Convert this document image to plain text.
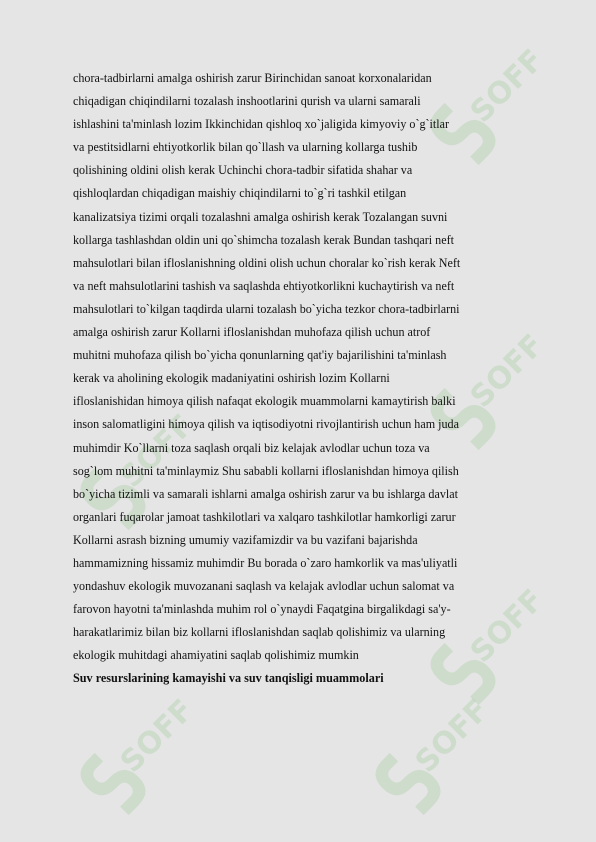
SOFF
SOFF
SOFF
SOFF
SOFF	SOFF
chora-tadbirlarni amalga oshirish zarur Birinchidan sanoat korxonalaridan
chiqadigan chiqindilarni tozalash inshootlarini qurish va ularni samarali
ishlashini ta'minlash lozim Ikkinchidan qishloq xo`jaligida kimyoviy o`g`itlar
va pestitsidlarni ehtiyotkorlik bilan qo`llash va ularning kollarga tushib
qolishining oldini olish kerak Uchinchi chora-tadbir sifatida shahar va
qishloqlardan chiqadigan maishiy chiqindilarni to`g`ri tashkil etilgan
kanalizatsiya tizimi orqali tozalashni amalga oshirish kerak Tozalangan suvni
kollarga tashlashdan oldin uni qo`shimcha tozalash kerak Bundan tashqari neft
mahsulotlari bilan ifloslanishning oldini olish uchun choralar ko`rish kerak Neft
va neft mahsulotlarini tashish va saqlashda ehtiyotkorlikni kuchaytirish va neft
mahsulotlari to`kilgan taqdirda ularni tozalash bo`yicha tezkor chora-tadbirlarni
amalga oshirish zarur Kollarni ifloslanishdan muhofaza qilish uchun atrof
muhitni muhofaza qilish bo`yicha qonunlarning qat'iy bajarilishini ta'minlash
kerak va aholining ekologik madaniyatini oshirish lozim Kollarni
ifloslanishidan himoya qilish nafaqat ekologik muammolarni kamaytirish balki
inson salomatligini himoya qilish va iqtisodiyotni rivojlantirish uchun ham juda
muhimdir Ko`llarni toza saqlash orqali biz kelajak avlodlar uchun toza va
sog`lom muhitni ta'minlaymiz Shu sababli kollarni ifloslanishdan himoya qilish
bo`yicha tizimli va samarali ishlarni amalga oshirish zarur va bu ishlarga davlat
organlari fuqarolar jamoat tashkilotlari va xalqaro tashkilotlar hamkorligi zarur
Kollarni asrash bizning umumiy vazifamizdir va bu vazifani bajarishda
hammamizning hissamiz muhimdir Bu borada o`zaro hamkorlik va mas'uliyatli
yondashuv ekologik muvozanani saqlash va kelajak avlodlar uchun salomat va
farovon hayotni ta'minlashda muhim rol o`ynaydi Faqatgina birgalikdagi sa'y-
harakatlarimiz bilan biz kollarni ifloslanishdan saqlab qolishimiz va ularning
ekologik muhitdagi ahamiyatini saqlab qolishimiz mumkin
Suv resurslarining kamayishi va suv tanqisligi muammolari
